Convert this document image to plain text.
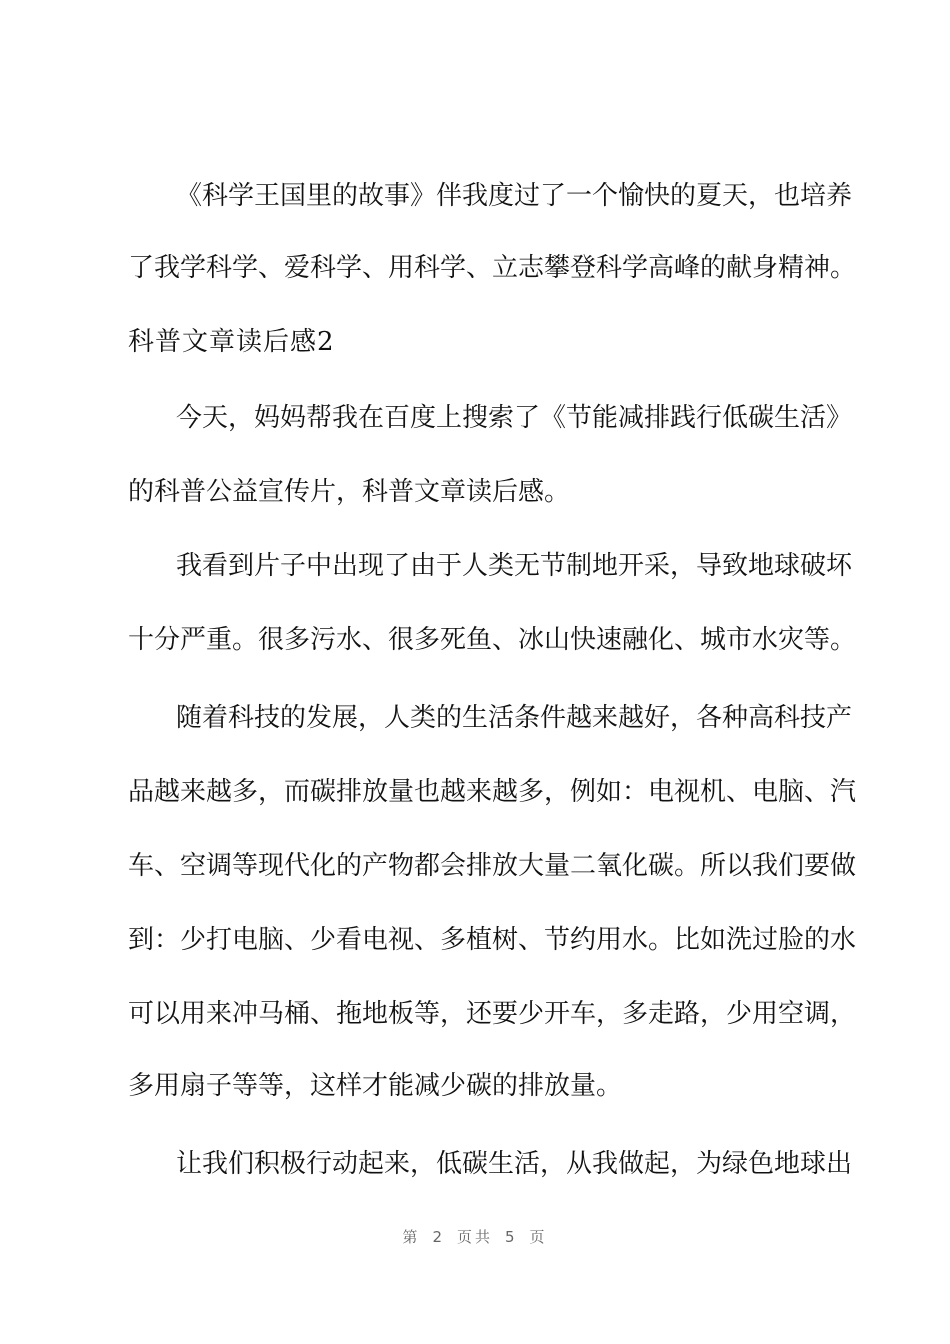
《科学王国里的故事》伴我度过了一个愉快的夏天，也培养
了我学科学、爱科学、用科学、立志攀登科学高峰的献身精神。
科普文章读后感2
今天，妈妈帮我在百度上搜索了《节能减排践行低碳生活》
的科普公益宣传片，科普文章读后感。
我看到片子中出现了由于人类无节制地开采，导致地球破坏
十分严重。很多污水、很多死鱼、冰山快速融化、城市水灾等。
随着科技的发展，人类的生活条件越来越好，各种高科技产
品越来越多，而碳排放量也越来越多，例如：电视机、电脑、汽
车、空调等现代化的产物都会排放大量二氧化碳。所以我们要做
到：少打电脑、少看电视、多植树、节约用水。比如洗过脸的水
可以用来冲马桶、拖地板等，还要少开车，多走路，少用空调，
多用扇子等等，这样才能减少碳的排放量。
让我们积极行动起来，低碳生活，从我做起，为绿色地球出
第 2 页共 5 页
